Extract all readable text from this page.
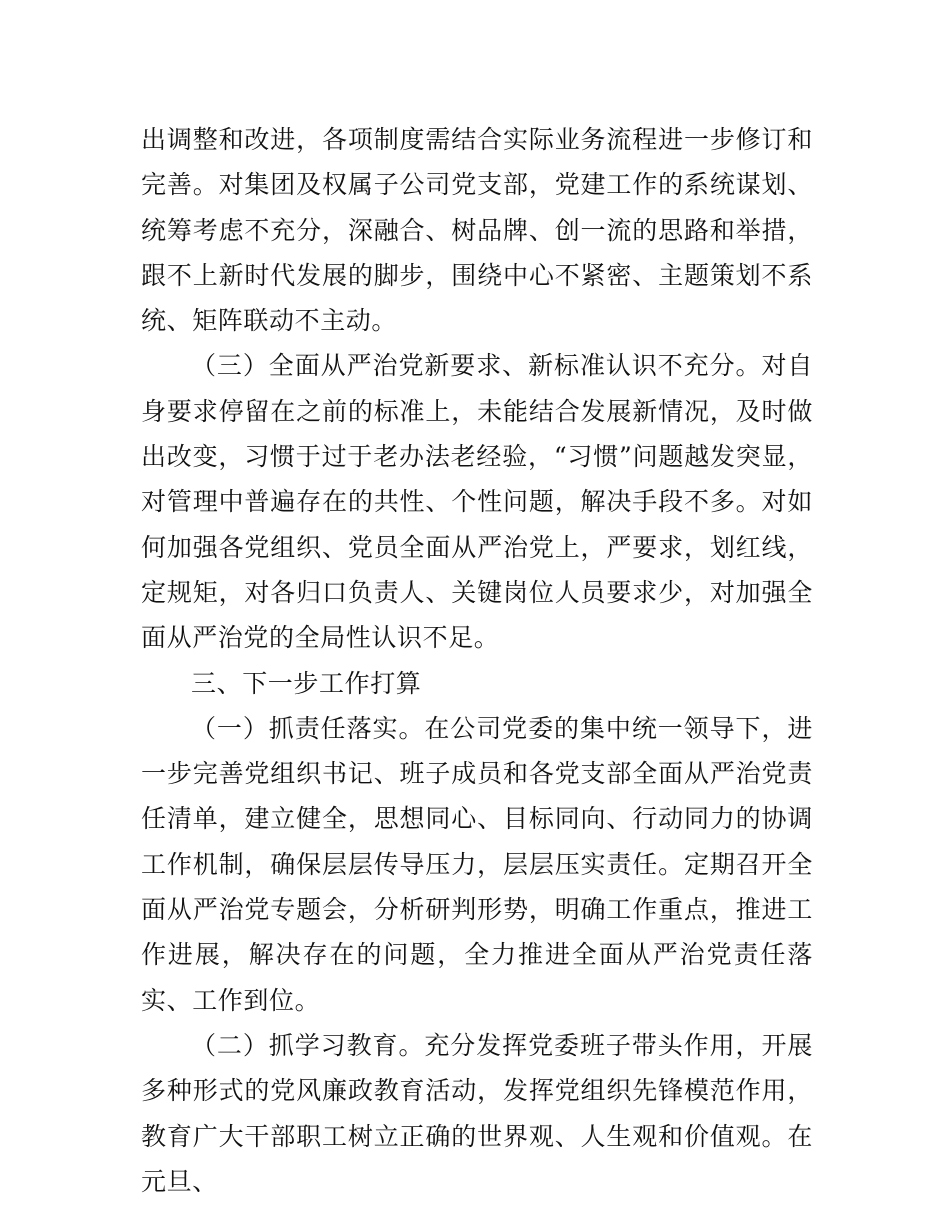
出调整和改进，各项制度需结合实际业务流程进一步修订和完善。对集团及权属子公司党支部，党建工作的系统谋划、统筹考虑不充分，深融合、树品牌、创一流的思路和举措，跟不上新时代发展的脚步，围绕中心不紧密、主题策划不系统、矩阵联动不主动。

（三）全面从严治党新要求、新标准认识不充分。对自身要求停留在之前的标准上，未能结合发展新情况，及时做出改变，习惯于过于老办法老经验，“习惯”问题越发突显，对管理中普遍存在的共性、个性问题，解决手段不多。对如何加强各党组织、党员全面从严治党上，严要求，划红线，定规矩，对各归口负责人、关键岗位人员要求少，对加强全面从严治党的全局性认识不足。

三、下一步工作打算

（一）抓责任落实。在公司党委的集中统一领导下，进一步完善党组织书记、班子成员和各党支部全面从严治党责任清单，建立健全，思想同心、目标同向、行动同力的协调工作机制，确保层层传导压力，层层压实责任。定期召开全面从严治党专题会，分析研判形势，明确工作重点，推进工作进展，解决存在的问题，全力推进全面从严治党责任落实、工作到位。

（二）抓学习教育。充分发挥党委班子带头作用，开展多种形式的党风廉政教育活动，发挥党组织先锋模范作用，教育广大干部职工树立正确的世界观、人生观和价值观。在元旦、
